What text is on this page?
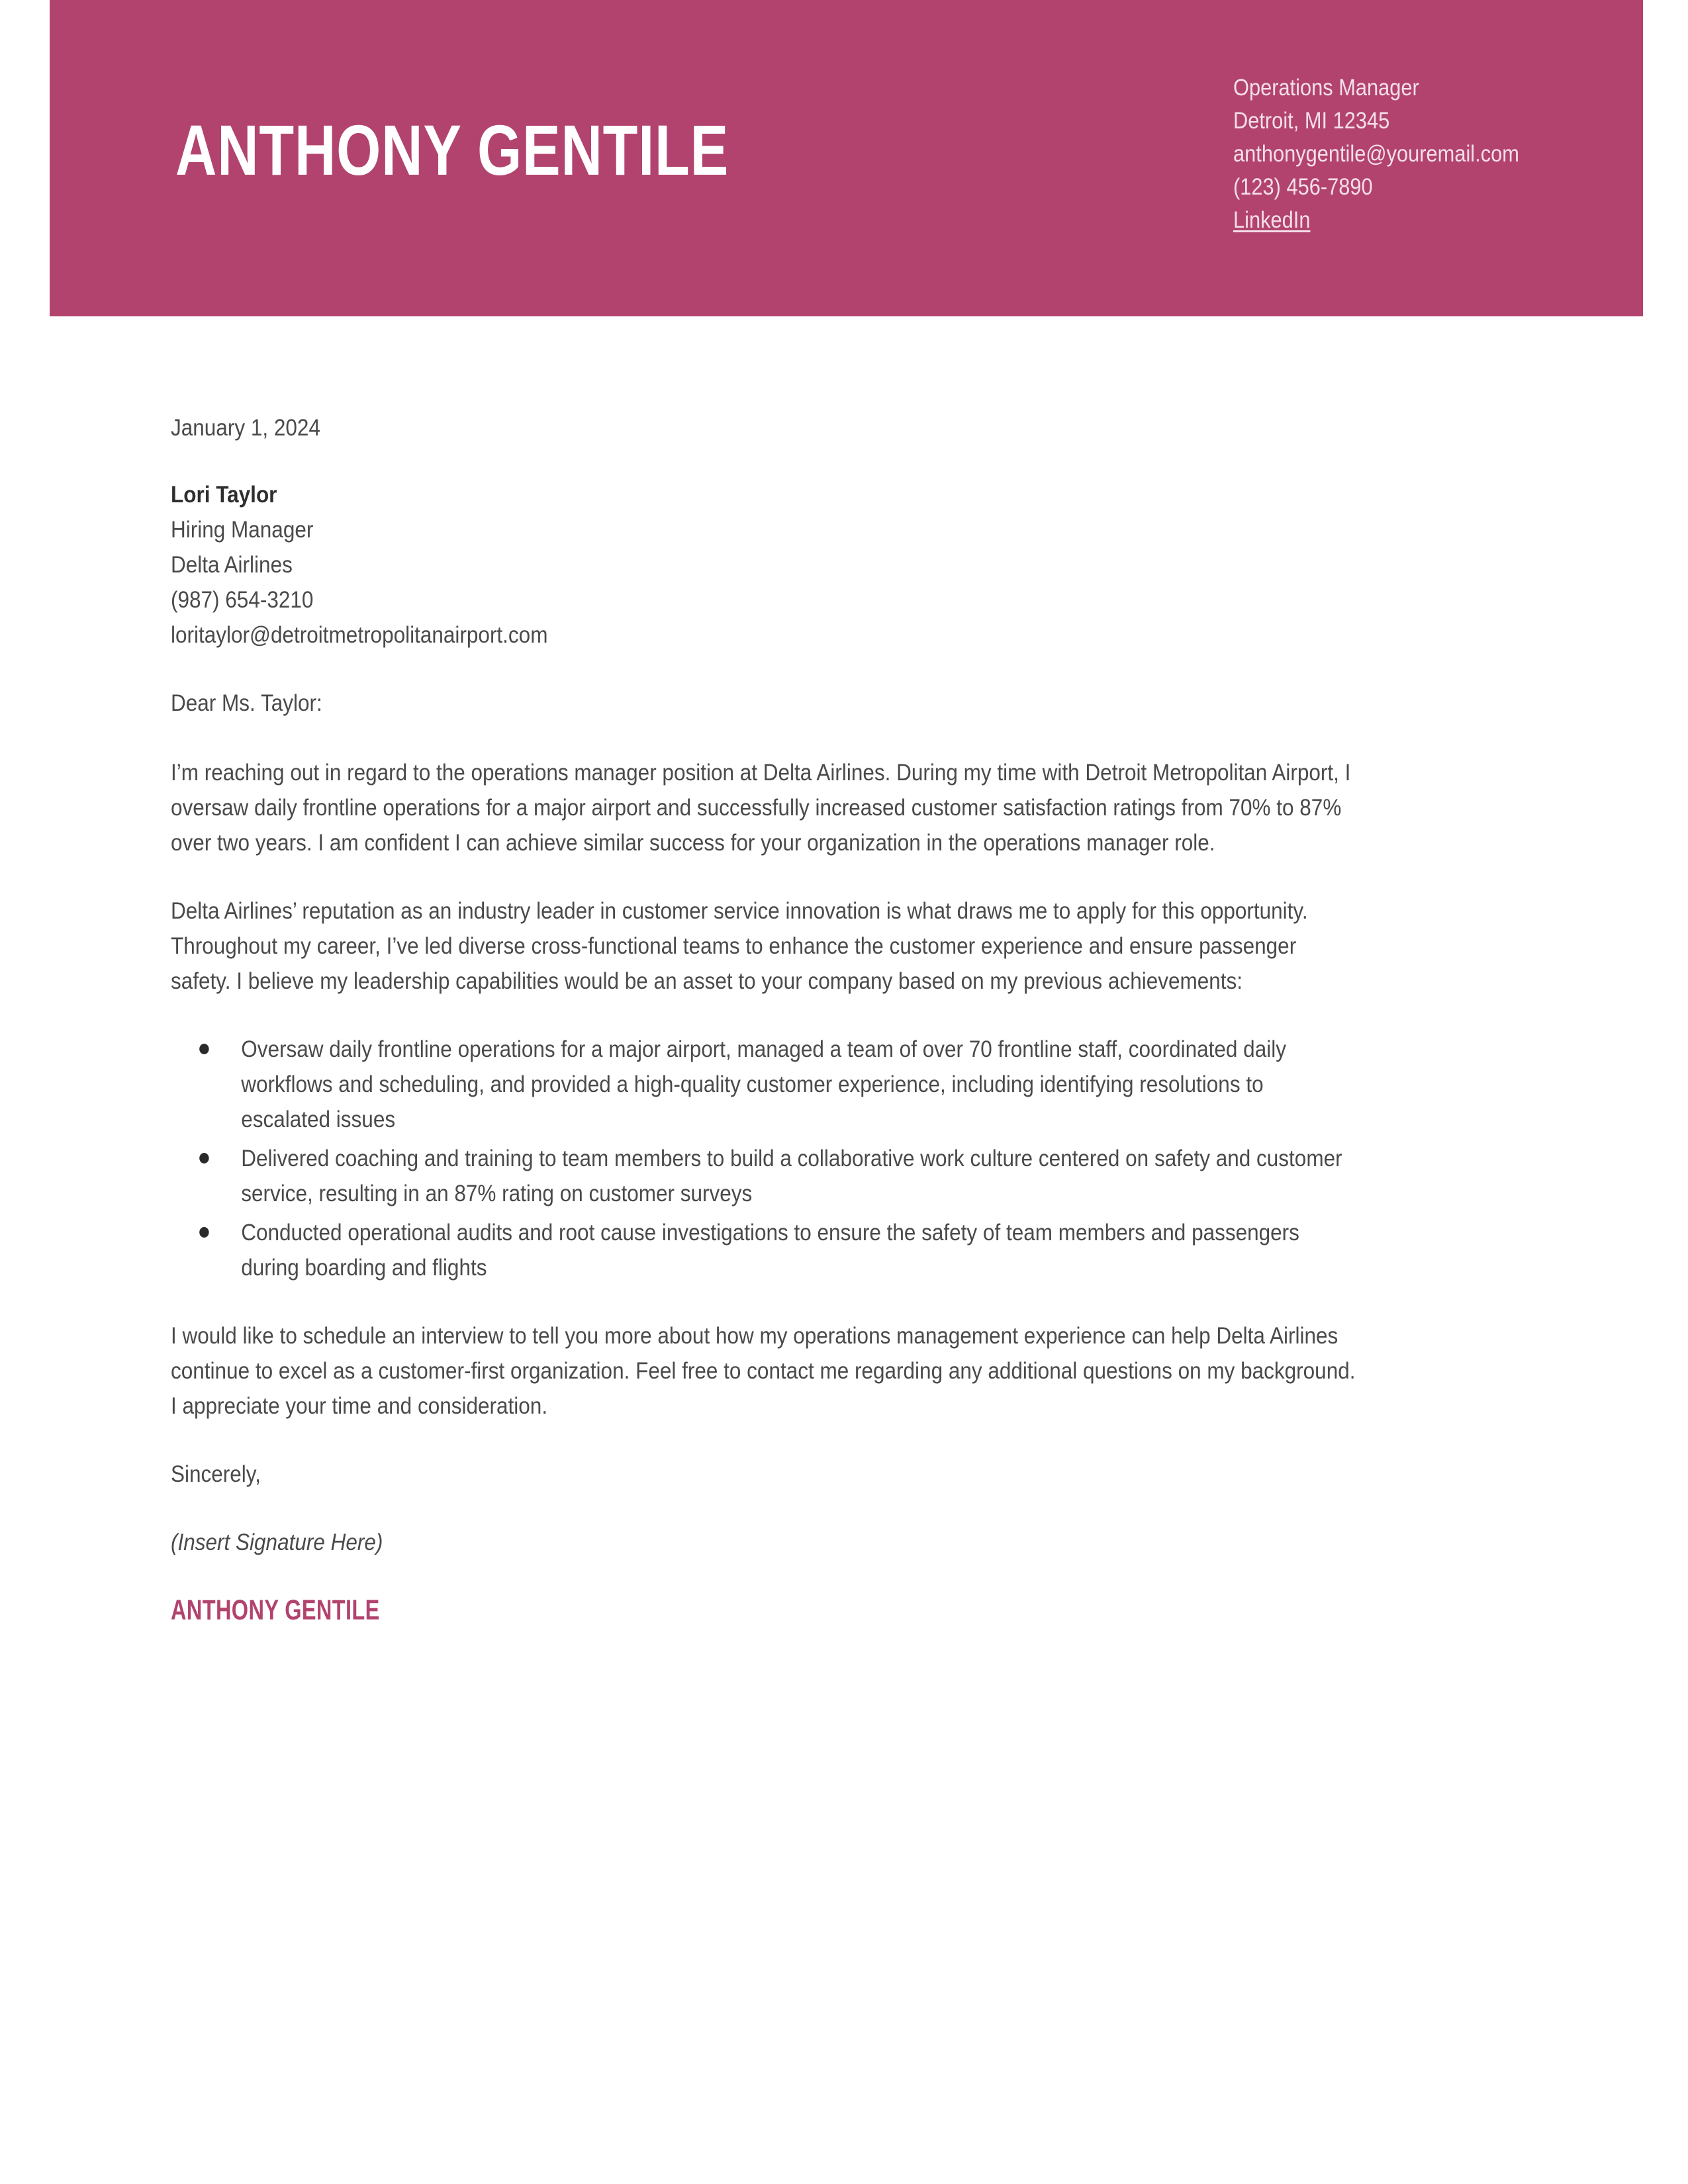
ANTHONY GENTILE
Operations Manager
Detroit, MI 12345
anthonygentile@youremail.com
(123) 456-7890
LinkedIn

January 1, 2024

Lori Taylor
Hiring Manager
Delta Airlines
(987) 654-3210
loritaylor@detroitmetropolitanairport.com

Dear Ms. Taylor:

I’m reaching out in regard to the operations manager position at Delta Airlines. During my time with Detroit Metropolitan Airport, I oversaw daily frontline operations for a major airport and successfully increased customer satisfaction ratings from 70% to 87% over two years. I am confident I can achieve similar success for your organization in the operations manager role.

Delta Airlines’ reputation as an industry leader in customer service innovation is what draws me to apply for this opportunity. Throughout my career, I’ve led diverse cross-functional teams to enhance the customer experience and ensure passenger safety. I believe my leadership capabilities would be an asset to your company based on my previous achievements:

Oversaw daily frontline operations for a major airport, managed a team of over 70 frontline staff, coordinated daily workflows and scheduling, and provided a high-quality customer experience, including identifying resolutions to escalated issues
Delivered coaching and training to team members to build a collaborative work culture centered on safety and customer service, resulting in an 87% rating on customer surveys
Conducted operational audits and root cause investigations to ensure the safety of team members and passengers during boarding and flights

I would like to schedule an interview to tell you more about how my operations management experience can help Delta Airlines continue to excel as a customer-first organization. Feel free to contact me regarding any additional questions on my background. I appreciate your time and consideration.

Sincerely,

(Insert Signature Here)

ANTHONY GENTILE
